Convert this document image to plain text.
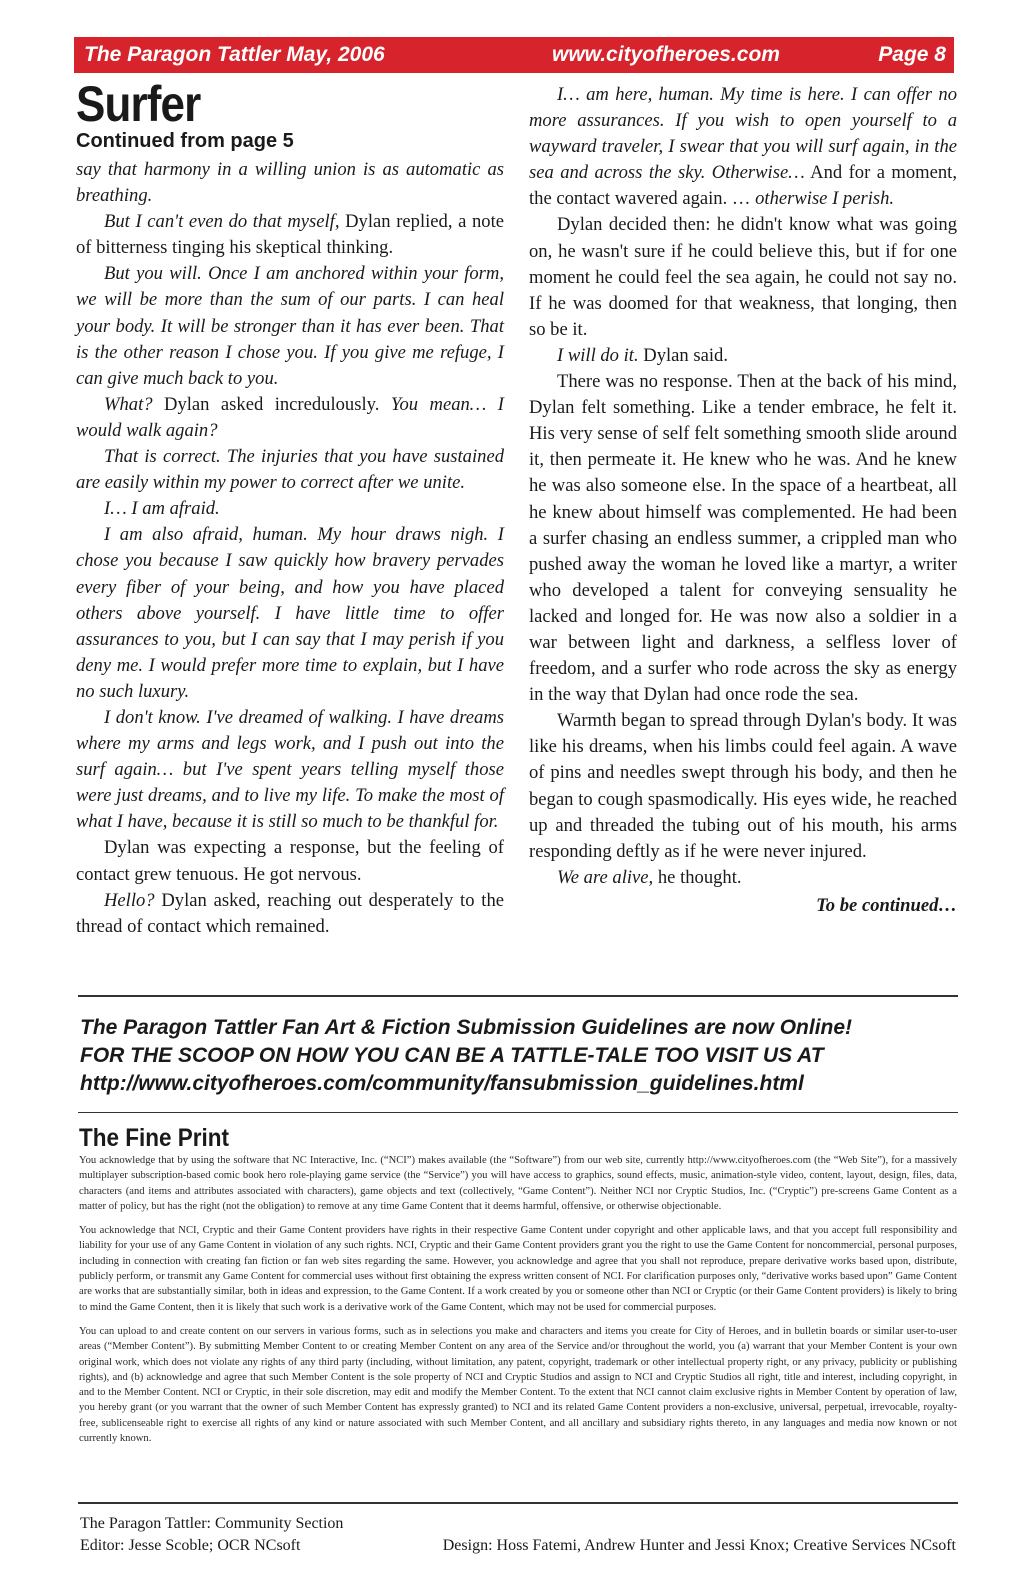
The Paragon Tattler May, 2006	www.cityofheroes.com	Page 8
Surfer
Continued from page 5

say that harmony in a willing union is as automatic as breathing.

But I can't even do that myself, Dylan replied, a note of bitterness tinging his skeptical thinking.

But you will. Once I am anchored within your form, we will be more than the sum of our parts. I can heal your body. It will be stronger than it has ever been. That is the other reason I chose you. If you give me refuge, I can give much back to you.

What? Dylan asked incredulously. You mean… I would walk again?

That is correct. The injuries that you have sustained are easily within my power to correct after we unite.

I… I am afraid.

I am also afraid, human. My hour draws nigh. I chose you because I saw quickly how bravery pervades every fiber of your being, and how you have placed others above yourself. I have little time to offer assurances to you, but I can say that I may perish if you deny me. I would prefer more time to explain, but I have no such luxury.

I don't know. I've dreamed of walking. I have dreams where my arms and legs work, and I push out into the surf again… but I've spent years telling myself those were just dreams, and to live my life. To make the most of what I have, because it is still so much to be thankful for.

Dylan was expecting a response, but the feeling of contact grew tenuous. He got nervous.

Hello? Dylan asked, reaching out desperately to the thread of contact which remained.

I… am here, human. My time is here. I can offer no more assurances. If you wish to open yourself to a wayward traveler, I swear that you will surf again, in the sea and across the sky. Otherwise… And for a moment, the contact wavered again. … otherwise I perish.

Dylan decided then: he didn't know what was going on, he wasn't sure if he could believe this, but if for one moment he could feel the sea again, he could not say no. If he was doomed for that weakness, that longing, then so be it.

I will do it. Dylan said.

There was no response. Then at the back of his mind, Dylan felt something. Like a tender embrace, he felt it. His very sense of self felt something smooth slide around it, then permeate it. He knew who he was. And he knew he was also someone else. In the space of a heartbeat, all he knew about himself was complemented. He had been a surfer chasing an endless summer, a crippled man who pushed away the woman he loved like a martyr, a writer who developed a talent for conveying sensuality he lacked and longed for. He was now also a soldier in a war between light and darkness, a selfless lover of freedom, and a surfer who rode across the sky as energy in the way that Dylan had once rode the sea.

Warmth began to spread through Dylan's body. It was like his dreams, when his limbs could feel again. A wave of pins and needles swept through his body, and then he began to cough spasmodically. His eyes wide, he reached up and threaded the tubing out of his mouth, his arms responding deftly as if he were never injured.

We are alive, he thought.

To be continued…

The Paragon Tattler Fan Art & Fiction Submission Guidelines are now Online!
FOR THE SCOOP ON HOW YOU CAN BE A TATTLE-TALE TOO VISIT US AT
http://www.cityofheroes.com/community/fansubmission_guidelines.html
The Fine Print

You acknowledge that by using the software that NC Interactive, Inc. (“NCI”) makes available (the “Software”) from our web site, currently http://www.cityofheroes.com (the “Web Site”), for a massively multiplayer subscription-based comic book hero role-playing game service (the “Service”) you will have access to graphics, sound effects, music, animation-style video, content, layout, design, files, data, characters (and items and attributes associated with characters), game objects and text (collectively, “Game Content”). Neither NCI nor Cryptic Studios, Inc. (“Cryptic”) pre-screens Game Content as a matter of policy, but has the right (not the obligation) to remove at any time Game Content that it deems harmful, offensive, or otherwise objectionable.

You acknowledge that NCI, Cryptic and their Game Content providers have rights in their respective Game Content under copyright and other applicable laws, and that you accept full responsibility and liability for your use of any Game Content in violation of any such rights. NCI, Cryptic and their Game Content providers grant you the right to use the Game Content for noncommercial, personal purposes, including in connection with creating fan fiction or fan web sites regarding the same. However, you acknowledge and agree that you shall not reproduce, prepare derivative works based upon, distribute, publicly perform, or transmit any Game Content for commercial uses without first obtaining the express written consent of NCI. For clarification purposes only, “derivative works based upon” Game Content are works that are substantially similar, both in ideas and expression, to the Game Content. If a work created by you or someone other than NCI or Cryptic (or their Game Content providers) is likely to bring to mind the Game Content, then it is likely that such work is a derivative work of the Game Content, which may not be used for commercial purposes.

You can upload to and create content on our servers in various forms, such as in selections you make and characters and items you create for City of Heroes, and in bulletin boards or similar user-to-user areas (“Member Content”). By submitting Member Content to or creating Member Content on any area of the Service and/or throughout the world, you (a) warrant that your Member Content is your own original work, which does not violate any rights of any third party (including, without limitation, any patent, copyright, trademark or other intellectual property right, or any privacy, publicity or publishing rights), and (b) acknowledge and agree that such Member Content is the sole property of NCI and Cryptic Studios and assign to NCI and Cryptic Studios all right, title and interest, including copyright, in and to the Member Content. NCI or Cryptic, in their sole discretion, may edit and modify the Member Content. To the extent that NCI cannot claim exclusive rights in Member Content by operation of law, you hereby grant (or you warrant that the owner of such Member Content has expressly granted) to NCI and its related Game Content providers a non-exclusive, universal, perpetual, irrevocable, royalty-free, sublicenseable right to exercise all rights of any kind or nature associated with such Member Content, and all ancillary and subsidiary rights thereto, in any languages and media now known or not currently known.

The Paragon Tattler: Community Section
Editor: Jesse Scoble; OCR NCsoft	Design: Hoss Fatemi, Andrew Hunter and Jessi Knox; Creative Services NCsoft
